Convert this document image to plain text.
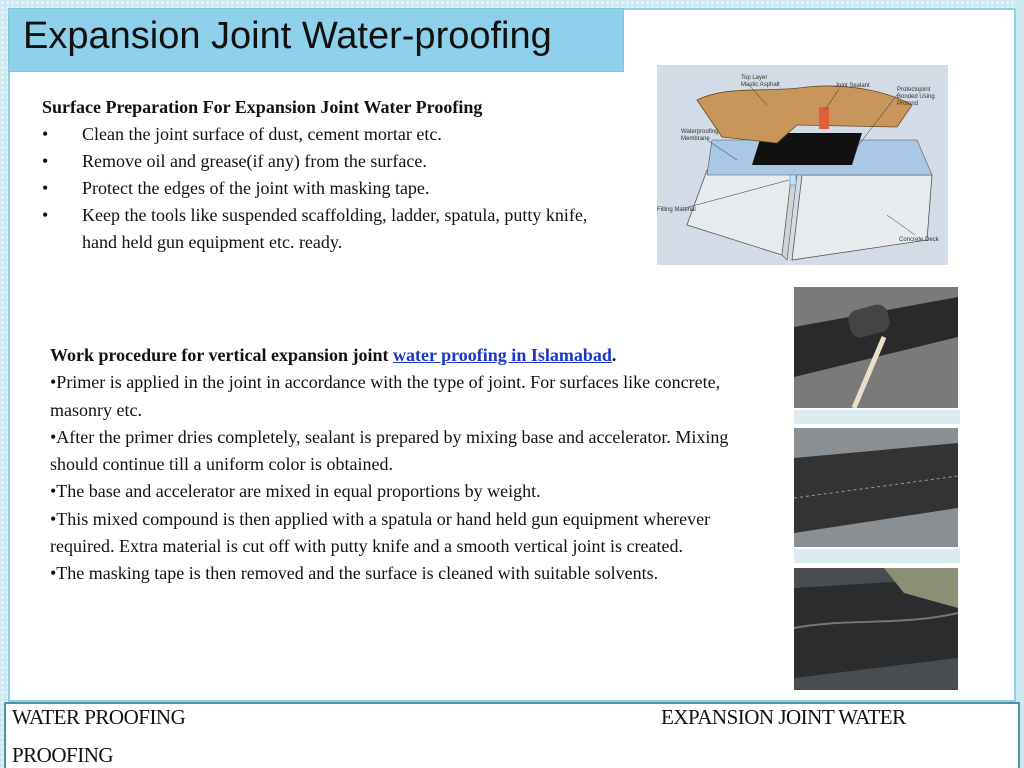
Expansion Joint Water-proofing
Surface Preparation For Expansion Joint Water Proofing
•	Clean the joint surface of dust, cement mortar etc.
•	Remove oil and grease(if any) from the surface.
•	Protect the edges of the joint with masking tape.
•	Keep the tools like suspended scaffolding, ladder, spatula, putty knife, hand held gun equipment etc. ready.
Work procedure for vertical expansion joint water proofing in Islamabad.
•Primer is applied in the joint in accordance with the type of joint. For surfaces like concrete, masonry etc.
•After the primer dries completely, sealant is prepared by mixing base and accelerator. Mixing should continue till a uniform color is obtained.
•The base and accelerator are mixed in equal proportions by weight.
•This mixed compound is then applied with a spatula or hand held gun equipment wherever required. Extra material is cut off with putty knife and a smooth vertical joint is created.
•The masking tape is then removed and the surface is cleaned with suitable solvents.
Top Layer
Mastic Asphalt	Joint Sealant
Protectojoint
Bonded Using
Protond
Waterproofing
Membrane
Filling Material
Concrete Deck
WATER PROOFING	EXPANSION JOINT WATER
PROOFING
